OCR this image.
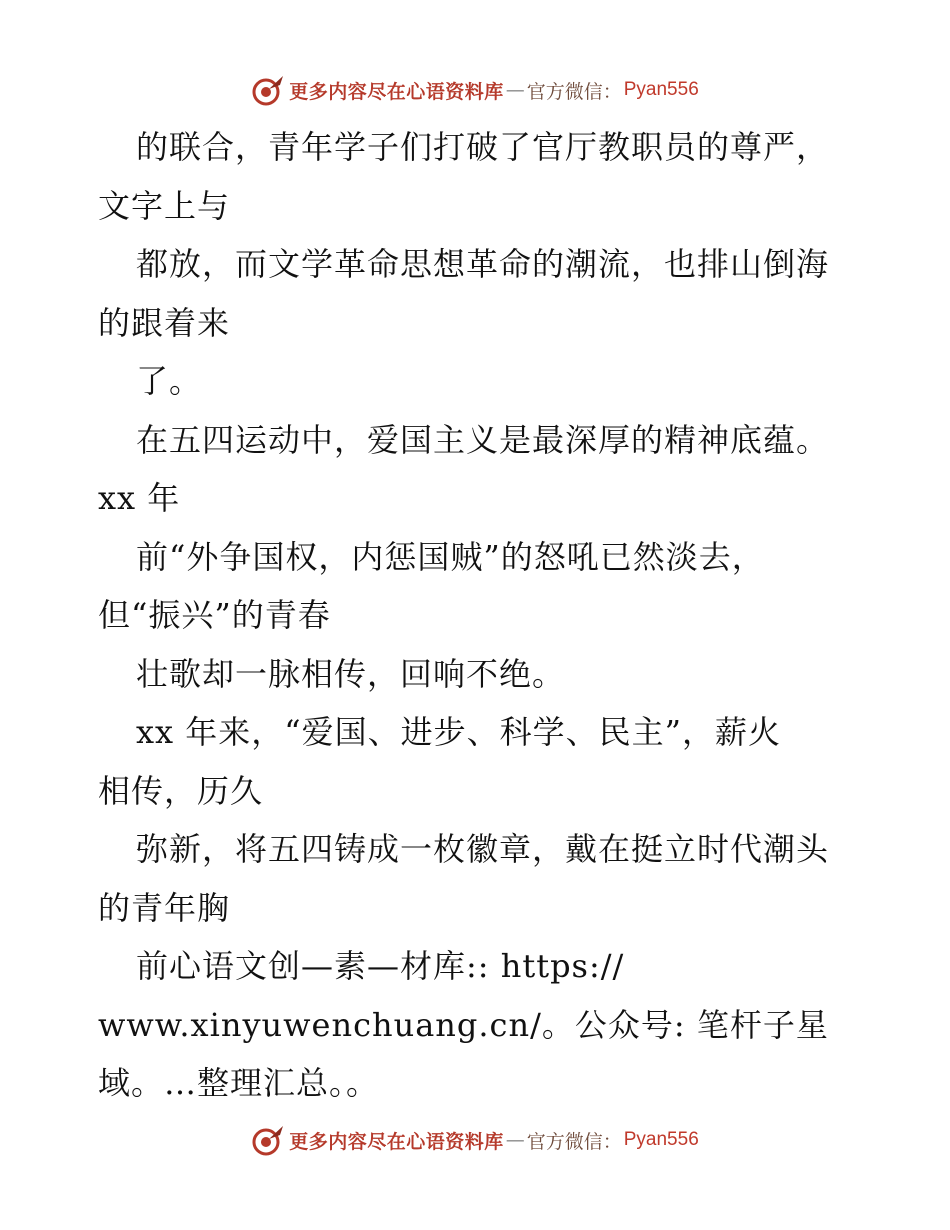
更多内容尽在心语资料库 — 官方微信： Pyan556
的联合，青年学子们打破了官厅教职员的尊严，
文字上与
都放，而文学革命思想革命的潮流，也排山倒海
的跟着来
了。
在五四运动中，爱国主义是最深厚的精神底蕴。
xx 年
前“外争国权，内惩国贼”的怒吼已然淡去，
但“振兴”的青春
壮歌却一脉相传，回响不绝。
xx 年来，“爱国、进步、科学、民主”，薪火
相传，历久
弥新，将五四铸成一枚徽章，戴在挺立时代潮头
的青年胸
前心语文创—素—材库:: https://
www.xinyuwenchuang.cn/。公众号: 笔杆子星
域。…整理汇总。。
更多内容尽在心语资料库 — 官方微信： Pyan556
